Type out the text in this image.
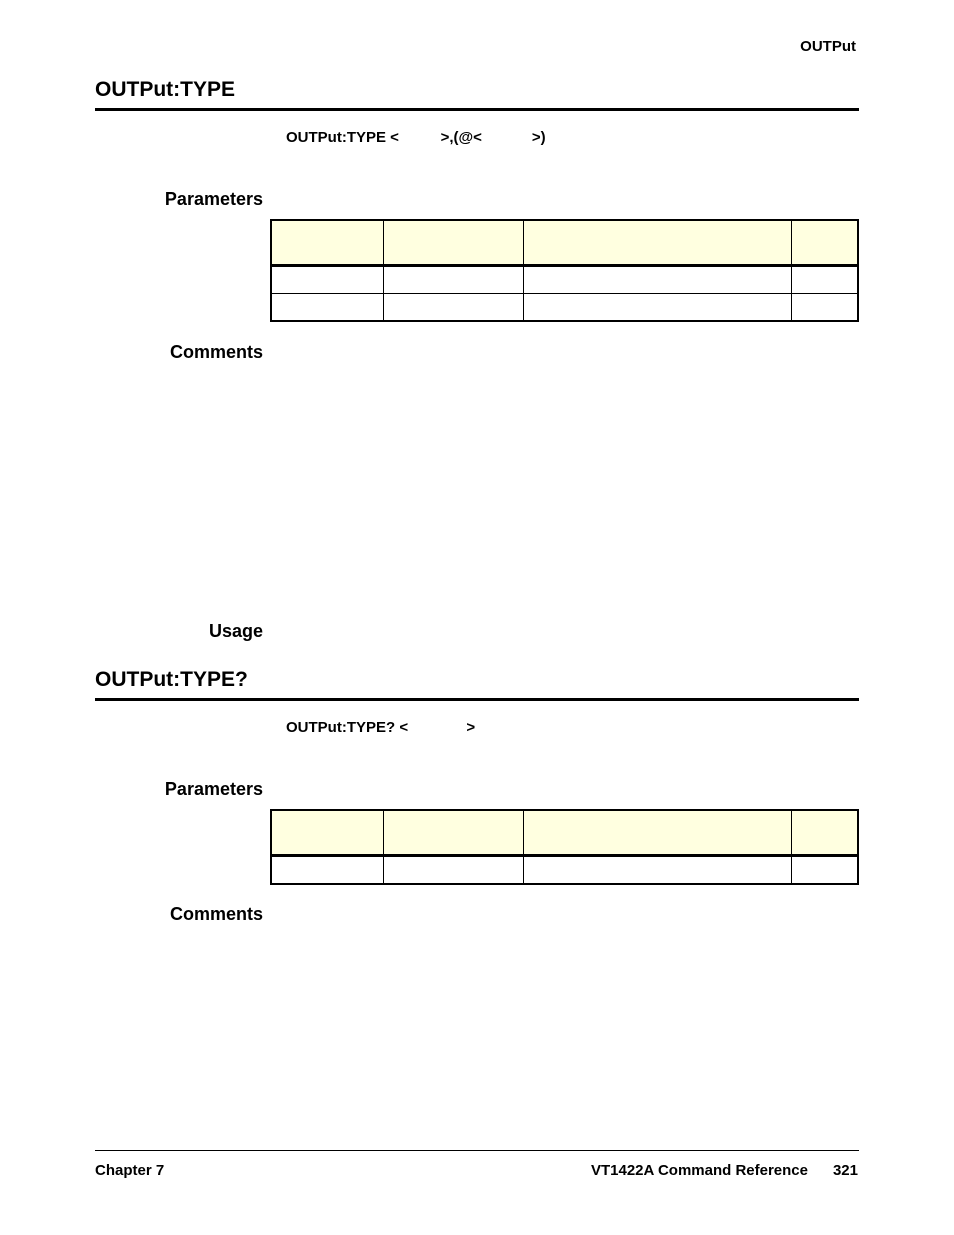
OUTPut
OUTPut:TYPE
OUTPut:TYPE <          >,(@<            >)
Parameters

Comments
Usage
OUTPut:TYPE?
OUTPut:TYPE? <              >
Parameters

Comments
Chapter 7	VT1422A Command Reference 321
